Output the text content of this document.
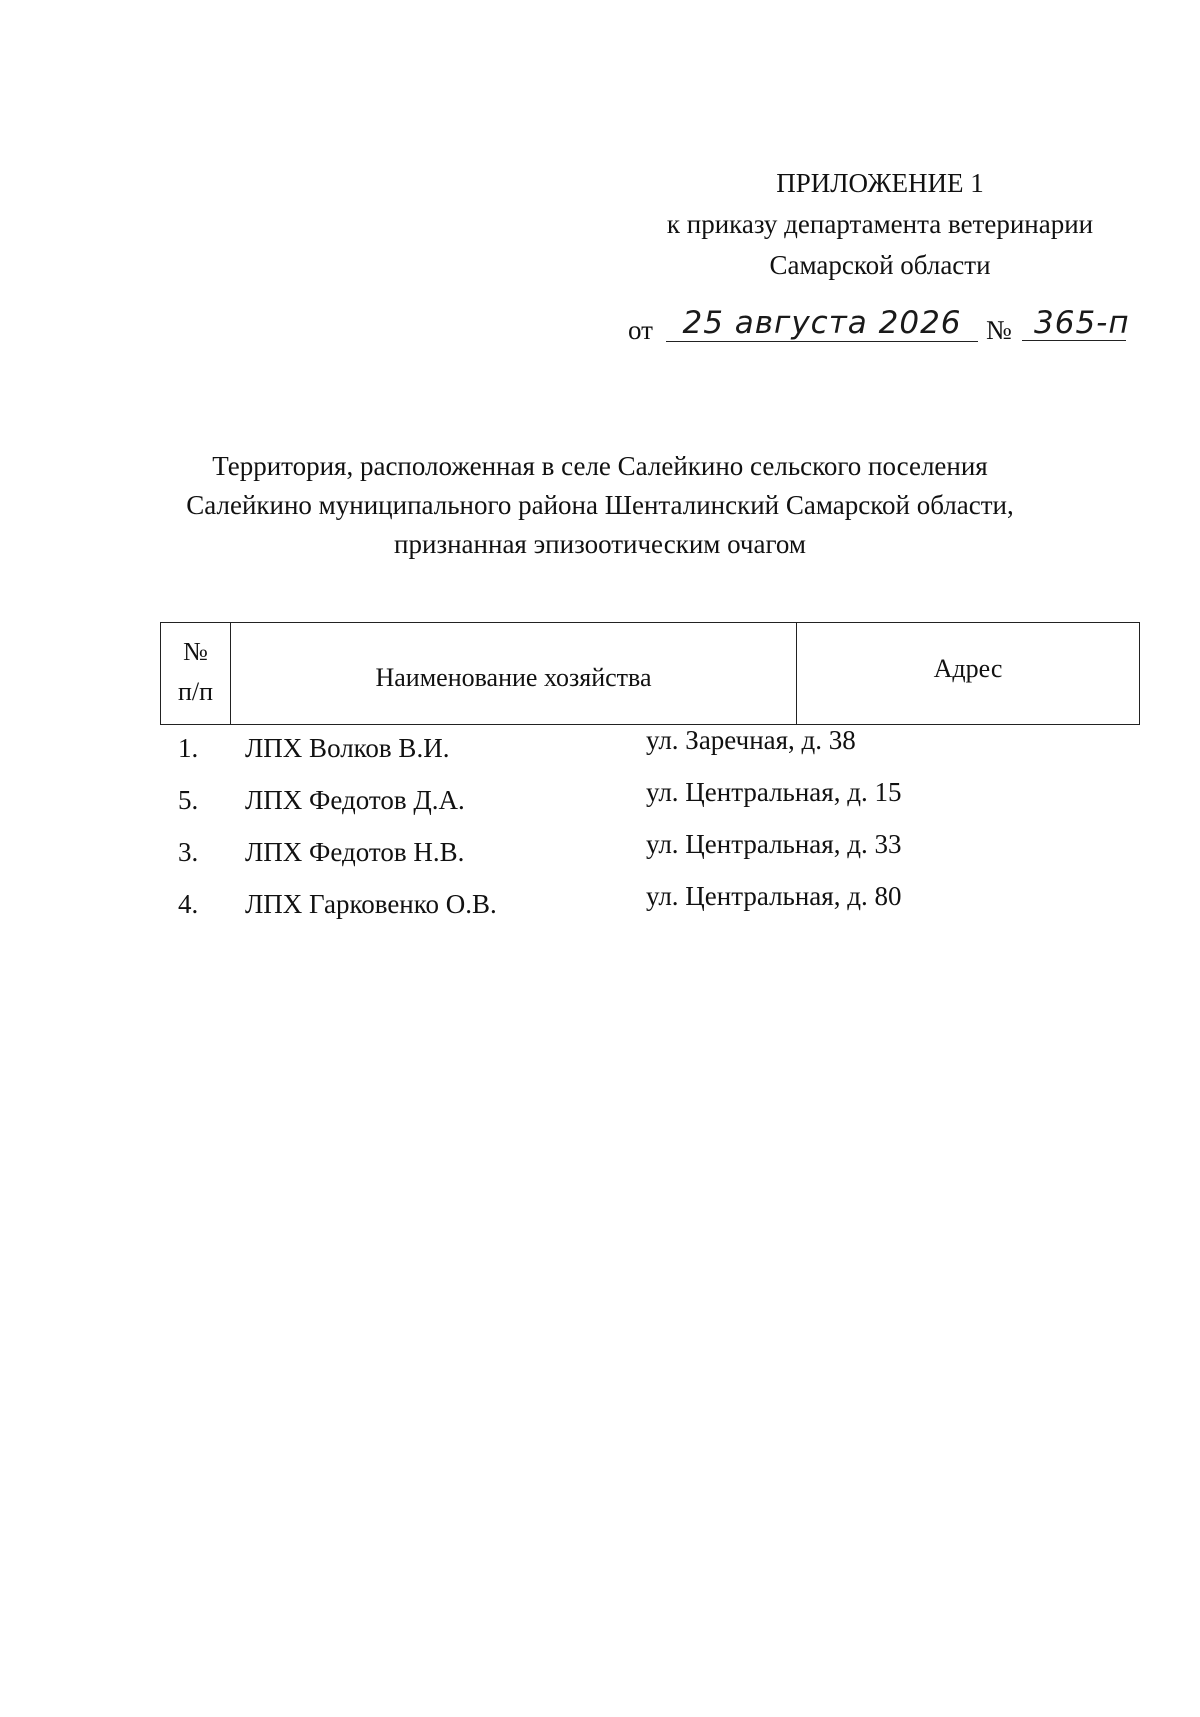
ПРИЛОЖЕНИЕ 1
к приказу департамента ветеринарии
Самарской области
от 25 августа 2026 № 365-п
Территория, расположенная в селе Салейкино сельского поселения
Салейкино муниципального района Шенталинский Самарской области,
признанная эпизоотическим очагом
№
п/п	Наименование хозяйства	Адрес
1. ЛПХ Волков В.И.	ул. Заречная, д. 38
5. ЛПХ Федотов Д.А.	ул. Центральная, д. 15
3. ЛПХ Федотов Н.В.	ул. Центральная, д. 33
4. ЛПХ Гарковенко О.В.	ул. Центральная, д. 80
